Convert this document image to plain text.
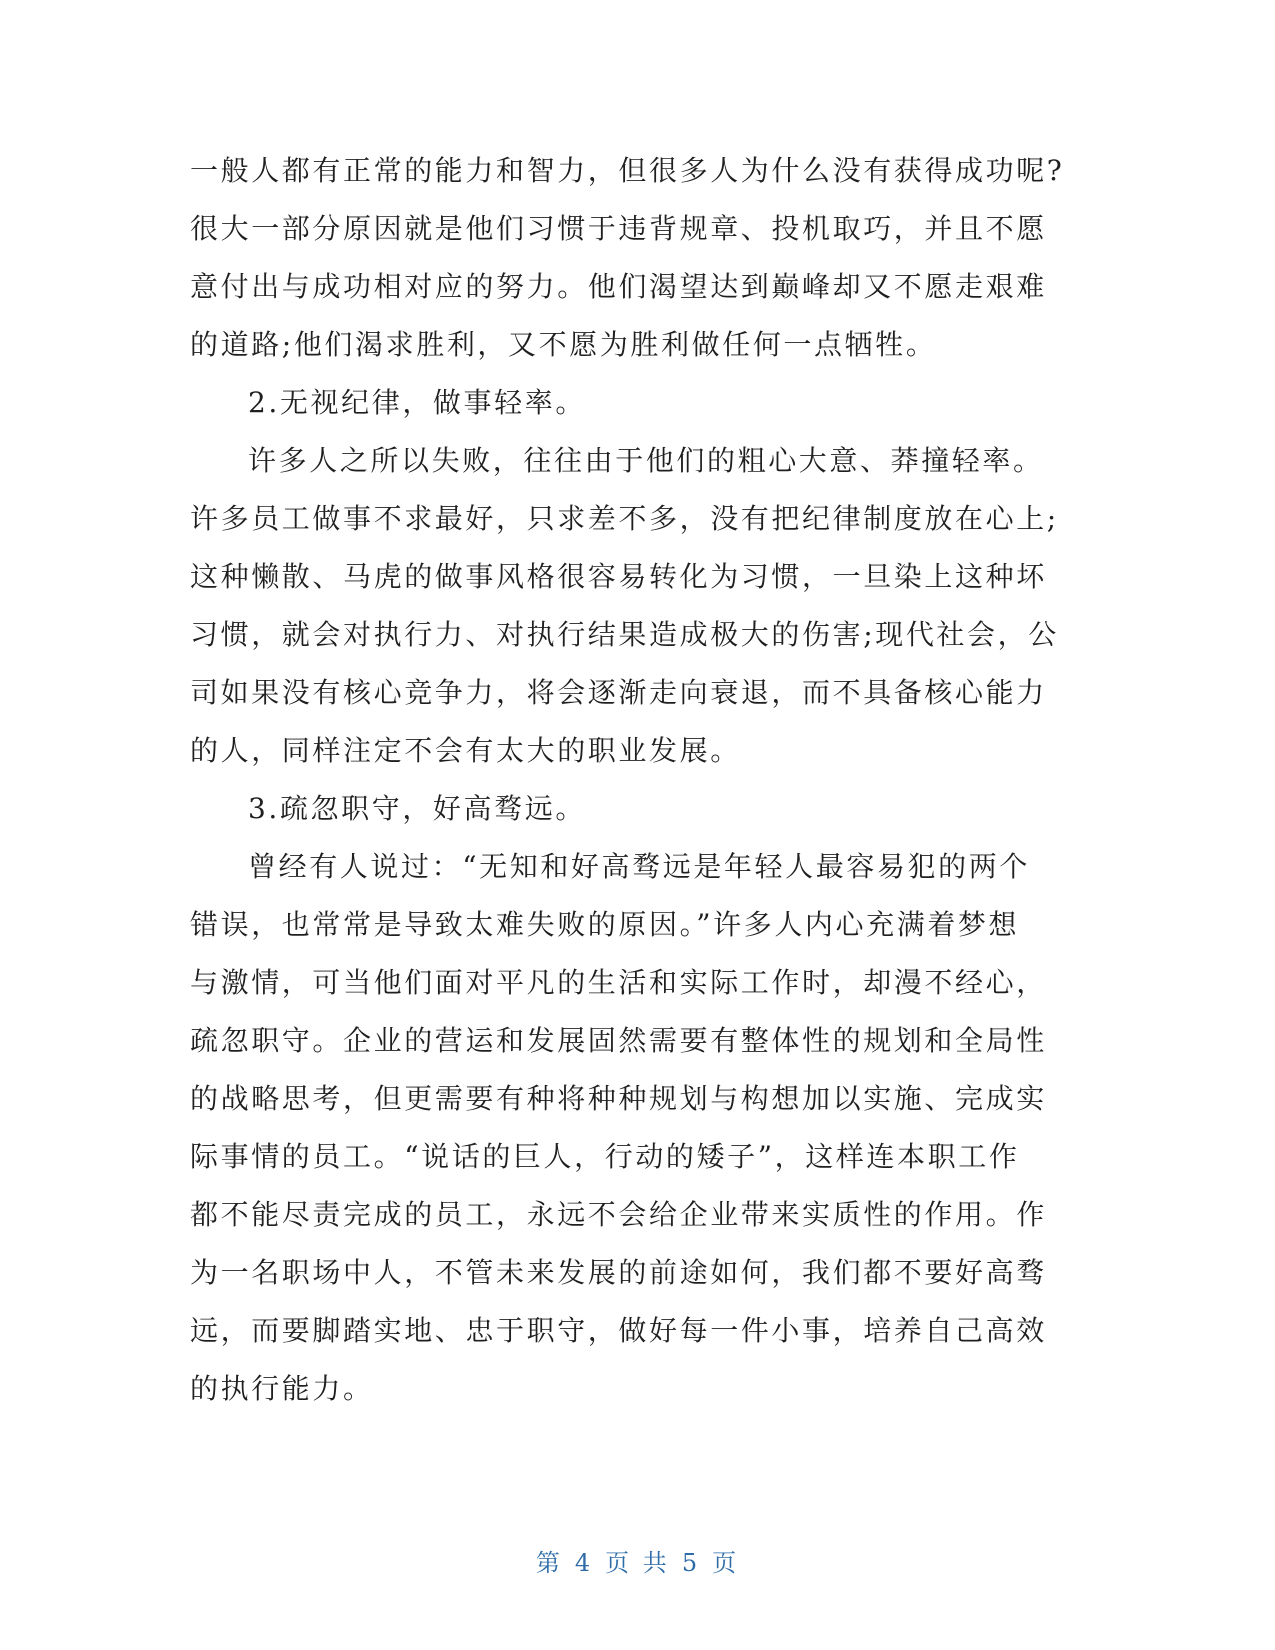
一般人都有正常的能力和智力，但很多人为什么没有获得成功呢?

很大一部分原因就是他们习惯于违背规章、投机取巧，并且不愿

意付出与成功相对应的努力。他们渴望达到巅峰却又不愿走艰难

的道路;他们渴求胜利，又不愿为胜利做任何一点牺牲。

2.无视纪律，做事轻率。

许多人之所以失败，往往由于他们的粗心大意、莽撞轻率。

许多员工做事不求最好，只求差不多，没有把纪律制度放在心上;

这种懒散、马虎的做事风格很容易转化为习惯，一旦染上这种坏

习惯，就会对执行力、对执行结果造成极大的伤害;现代社会，公

司如果没有核心竞争力，将会逐渐走向衰退，而不具备核心能力

的人，同样注定不会有太大的职业发展。

3.疏忽职守，好高骛远。

曾经有人说过：“无知和好高骛远是年轻人最容易犯的两个

错误，也常常是导致太难失败的原因。”许多人内心充满着梦想

与激情，可当他们面对平凡的生活和实际工作时，却漫不经心，

疏忽职守。企业的营运和发展固然需要有整体性的规划和全局性

的战略思考，但更需要有种将种种规划与构想加以实施、完成实

际事情的员工。“说话的巨人，行动的矮子”，这样连本职工作

都不能尽责完成的员工，永远不会给企业带来实质性的作用。作

为一名职场中人，不管未来发展的前途如何，我们都不要好高骛

远，而要脚踏实地、忠于职守，做好每一件小事，培养自己高效

的执行能力。

第 4 页 共 5 页
